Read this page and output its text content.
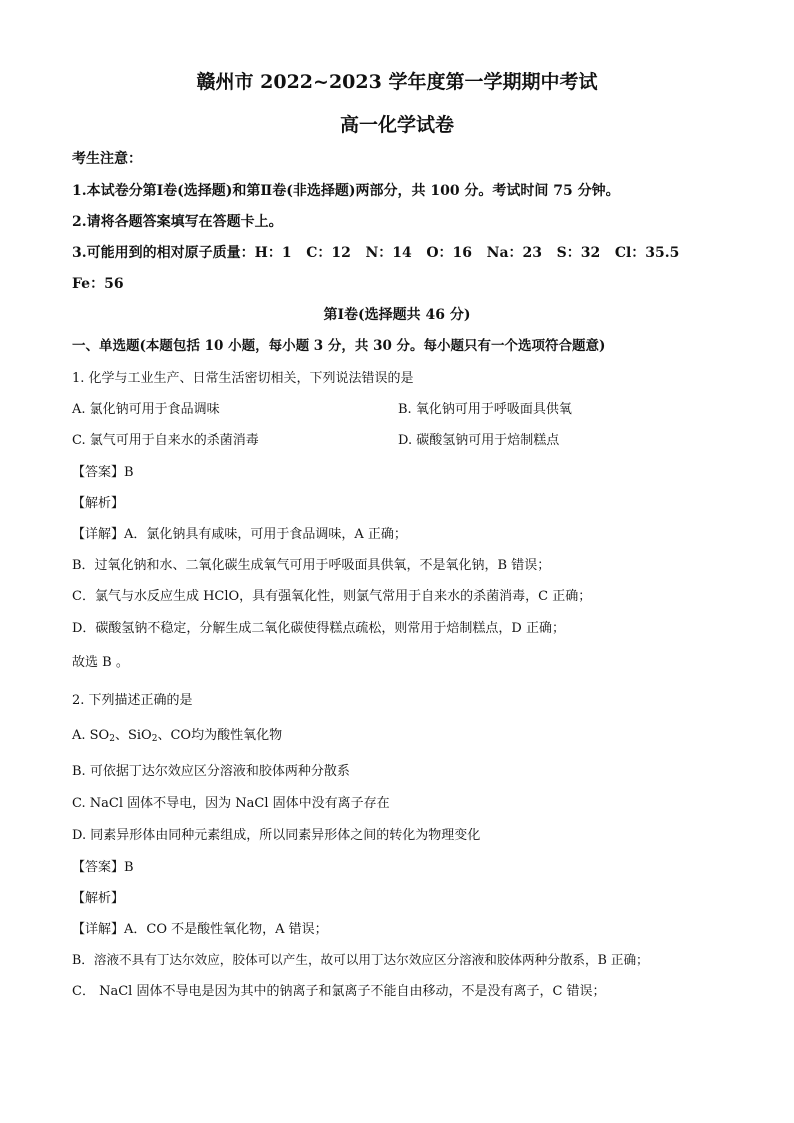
赣州市 2022~2023 学年度第一学期期中考试
高一化学试卷
考生注意：
1.本试卷分第Ⅰ卷(选择题)和第Ⅱ卷(非选择题)两部分，共 100 分。考试时间 75 分钟。
2.请将各题答案填写在答题卡上。
3.可能用到的相对原子质量：H：1   C：12   N：14   O：16   Na：23   S：32   Cl：35.5
Fe：56
第Ⅰ卷(选择题共 46 分)
一、单选题(本题包括 10 小题，每小题 3 分，共 30 分。每小题只有一个选项符合题意)
1. 化学与工业生产、日常生活密切相关，下列说法错误的是
A. 氯化钠可用于食品调味	B. 氧化钠可用于呼吸面具供氧
C. 氯气可用于自来水的杀菌消毒	D. 碳酸氢钠可用于焙制糕点
【答案】B
【解析】
【详解】A．氯化钠具有咸味，可用于食品调味，A 正确；
B．过氧化钠和水、二氧化碳生成氧气可用于呼吸面具供氧，不是氧化钠，B 错误；
C．氯气与水反应生成 HClO，具有强氧化性，则氯气常用于自来水的杀菌消毒，C 正确；
D．碳酸氢钠不稳定，分解生成二氧化碳使得糕点疏松，则常用于焙制糕点，D 正确；
故选 B 。
2. 下列描述正确的是
A. $SO_2$、SiO$_2$、CO均为酸性氧化物
B. 可依据丁达尔效应区分溶液和胶体两种分散系
C. NaCl 固体不导电，因为 NaCl 固体中没有离子存在
D. 同素异形体由同种元素组成，所以同素异形体之间的转化为物理变化
【答案】B
【解析】
【详解】A．CO 不是酸性氧化物，A 错误；
B．溶液不具有丁达尔效应，胶体可以产生，故可以用丁达尔效应区分溶液和胶体两种分散系，B 正确；
C． NaCl 固体不导电是因为其中的钠离子和氯离子不能自由移动，不是没有离子，C 错误；
